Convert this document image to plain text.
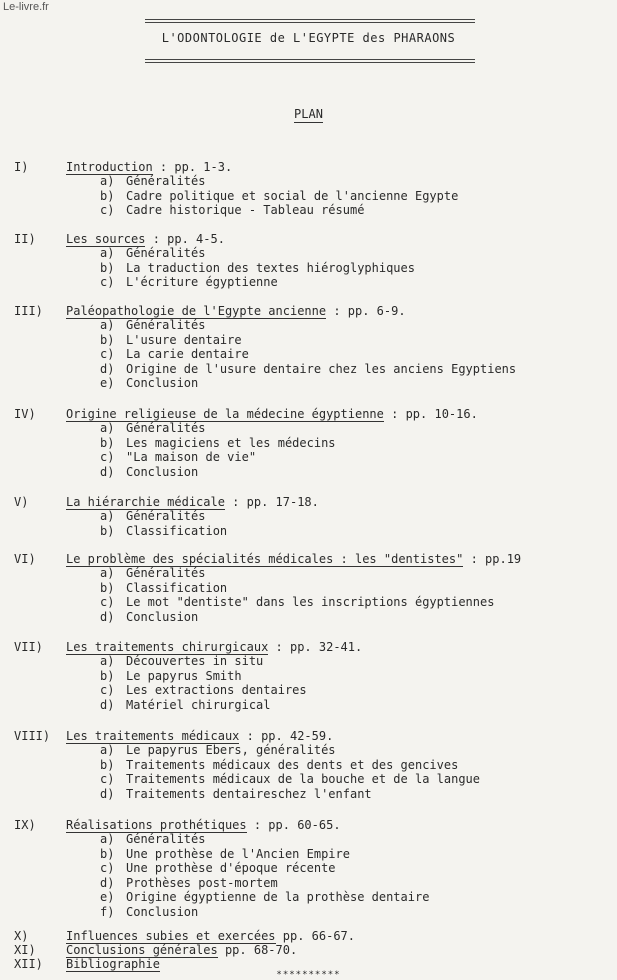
Le-livre.fr
L'ODONTOLOGIE de L'EGYPTE des PHARAONS
PLAN
I)	Introduction : pp. 1-3.
a) Généralités
b) Cadre politique et social de l'ancienne Egypte
c) Cadre historique - Tableau résumé
II)	Les sources : pp. 4-5.
a) Généralités
b) La traduction des textes hiéroglyphiques
c) L'écriture égyptienne
III) Paléopathologie de l'Egypte ancienne : pp. 6-9.
a) Généralités
b) L'usure dentaire
c) La carie dentaire
d) Origine de l'usure dentaire chez les anciens Egyptiens
e) Conclusion
IV)	Origine religieuse de la médecine égyptienne : pp. 10-16.
a) Généralités
b) Les magiciens et les médecins
c) "La maison de vie"
d) Conclusion
V)	La hiérarchie médicale : pp. 17-18.
a) Généralités
b) Classification
VI)	Le problème des spécialités médicales : les "dentistes" : pp.19
a) Généralités
b) Classification
c) Le mot "dentiste" dans les inscriptions égyptiennes
d) Conclusion
VII) Les traitements chirurgicaux : pp. 32-41.
a) Découvertes in situ
b) Le papyrus Smith
c) Les extractions dentaires
d) Matériel chirurgical
VIII) Les traitements médicaux : pp. 42-59.
a) Le papyrus Ebers, généralités
b) Traitements médicaux des dents et des gencives
c) Traitements médicaux de la bouche et de la langue
d) Traitements dentaireschez l'enfant
IX)	Réalisations prothétiques : pp. 60-65.
a) Généralités
b) Une prothèse de l'Ancien Empire
c) Une prothèse d'époque récente
d) Prothèses post-mortem
e) Origine égyptienne de la prothèse dentaire
f) Conclusion
X)	Influences subies et exercées pp. 66-67.
XI)	Conclusions générales pp. 68-70.
XII) Bibliographie
**********
